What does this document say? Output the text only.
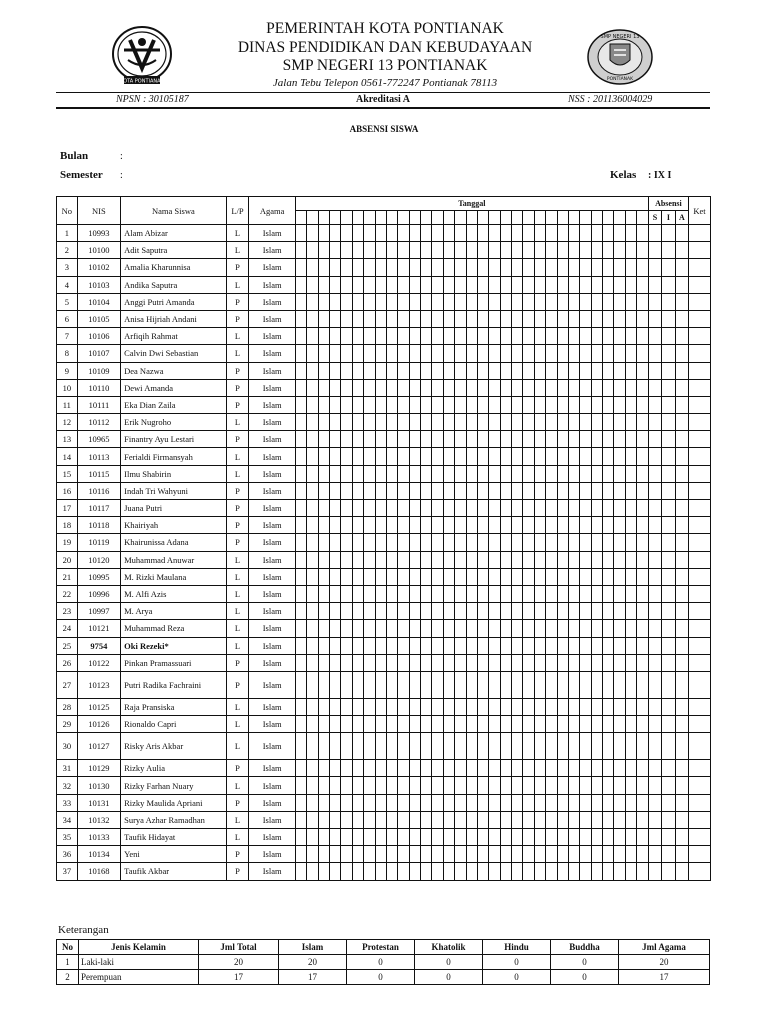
KOTA PONTIANAK
SMP NEGERI 13
PONTIANAK
PEMERINTAH KOTA PONTIANAK
DINAS PENDIDIKAN DAN KEBUDAYAAN
SMP NEGERI 13 PONTIANAK
Jalan Tebu Telepon 0561-772247 Pontianak 78113
NPSN : 30105187	Akreditasi A	NSS : 201136004029
ABSENSI SISWA
Bulan	:
Semester :	Kelas : IX I
No	NIS	Nama Siswa	L/P	Agama	Tanggal																															Absensi			Ket
																																				S	I	A	
1	10993	Alam Abizar	L	Islam																																			
2	10100	Adit Saputra	L	Islam																																			
3	10102	Amalia Kharunnisa	P	Islam																																			
4	10103	Andika Saputra	L	Islam																																			
5	10104	Anggi Putri Amanda	P	Islam																																			
6	10105	Anisa Hijriah Andani	P	Islam																																			
7	10106	Arfiqih Rahmat	L	Islam																																			
8	10107	Calvin Dwi Sebastian	L	Islam																																			
9	10109	Dea Nazwa	P	Islam																																			
10	10110	Dewi Amanda	P	Islam																																			
11	10111	Eka Dian Zaila	P	Islam																																			
12	10112	Erik Nugroho	L	Islam																																			
13	10965	Finantry Ayu Lestari	P	Islam																																			
14	10113	Ferialdi Firmansyah	L	Islam																																			
15	10115	Ilmu Shabirin	L	Islam																																			
16	10116	Indah Tri Wahyuni	P	Islam																																			
17	10117	Juana Putri	P	Islam																																			
18	10118	Khairiyah	P	Islam																																			
19	10119	Khairunissa Adana	P	Islam																																			
20	10120	Muhammad Anuwar	L	Islam																																			
21	10995	M. Rizki Maulana	L	Islam																																			
22	10996	M. Alfi Azis	L	Islam																																			
23	10997	M. Arya	L	Islam																																			
24	10121	Muhammad Reza	L	Islam																																			
25	9754	Oki Rezeki*	L	Islam																																			
26	10122	Pinkan Pramassuari	P	Islam																																			
27	10123	Putri Radika Fachraini	P	Islam																																			
28	10125	Raja Pransiska	L	Islam																																			
29	10126	Rionaldo Capri	L	Islam																																			
30	10127	Risky Aris Akbar	L	Islam																																			
31	10129	Rizky Aulia	P	Islam																																			
32	10130	Rizky Farhan Nuary	L	Islam																																			
33	10131	Rizky Maulida Apriani	P	Islam																																			
34	10132	Surya Azhar Ramadhan	L	Islam																																			
35	10133	Taufik Hidayat	L	Islam																																			
36	10134	Yeni	P	Islam																																			
37	10168	Taufik Akbar	P	Islam																																			
Keterangan
No	Jenis Kelamin	Jml Total	Islam	Protestan	Khatolik	Hindu	Buddha	Jml Agama
1	Laki-laki	20	20	0	0	0	0	20
2	Perempuan	17	17	0	0	0	0	17
